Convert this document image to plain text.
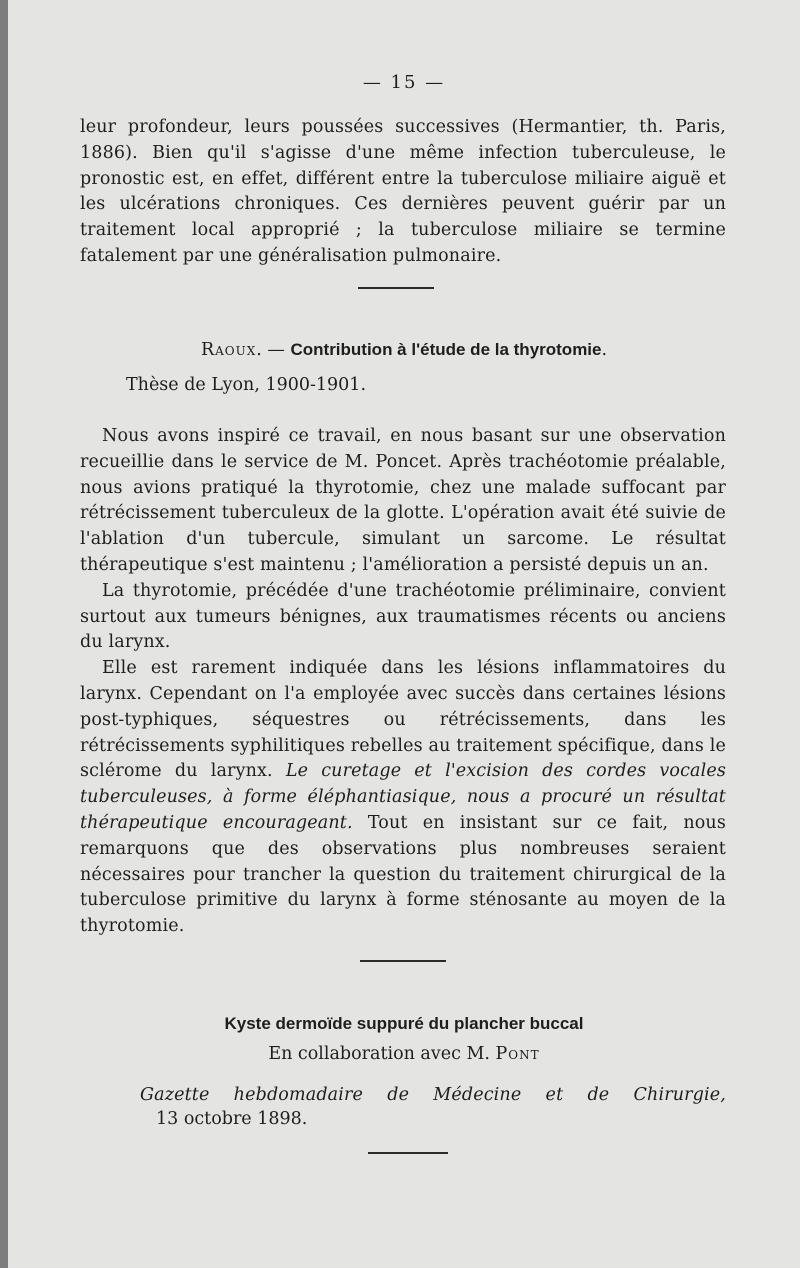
— 15 —

leur profondeur, leurs poussées successives (Hermantier, th. Paris, 1886). Bien qu'il s'agisse d'une même infection tuberculeuse, le pronostic est, en effet, différent entre la tuberculose miliaire aiguë et les ulcérations chroniques. Ces dernières peuvent guérir par un traitement local approprié ; la tuberculose miliaire se termine fatalement par une généralisation pulmonaire.

Raoux. — Contribution à l'étude de la thyrotomie.
Thèse de Lyon, 1900-1901.

Nous avons inspiré ce travail, en nous basant sur une observation recueillie dans le service de M. Poncet. Après trachéotomie préalable, nous avions pratiqué la thyrotomie, chez une malade suffocant par rétrécissement tuberculeux de la glotte. L'opération avait été suivie de l'ablation d'un tubercule, simulant un sarcome. Le résultat thérapeutique s'est maintenu ; l'amélioration a persisté depuis un an.

La thyrotomie, précédée d'une trachéotomie préliminaire, convient surtout aux tumeurs bénignes, aux traumatismes récents ou anciens du larynx.

Elle est rarement indiquée dans les lésions inflammatoires du larynx. Cependant on l'a employée avec succès dans certaines lésions post-typhiques, séquestres ou rétrécissements, dans les rétrécissements syphilitiques rebelles au traitement spécifique, dans le sclérome du larynx. Le curetage et l'excision des cordes vocales tuberculeuses, à forme éléphantiasique, nous a procuré un résultat thérapeutique encourageant. Tout en insistant sur ce fait, nous remarquons que des observations plus nombreuses seraient nécessaires pour trancher la question du traitement chirurgical de la tuberculose primitive du larynx à forme sténosante au moyen de la thyrotomie.

Kyste dermoïde suppuré du plancher buccal
En collaboration avec M. Pont

Gazette hebdomadaire de Médecine et de Chirurgie,

13 octobre 1898.
